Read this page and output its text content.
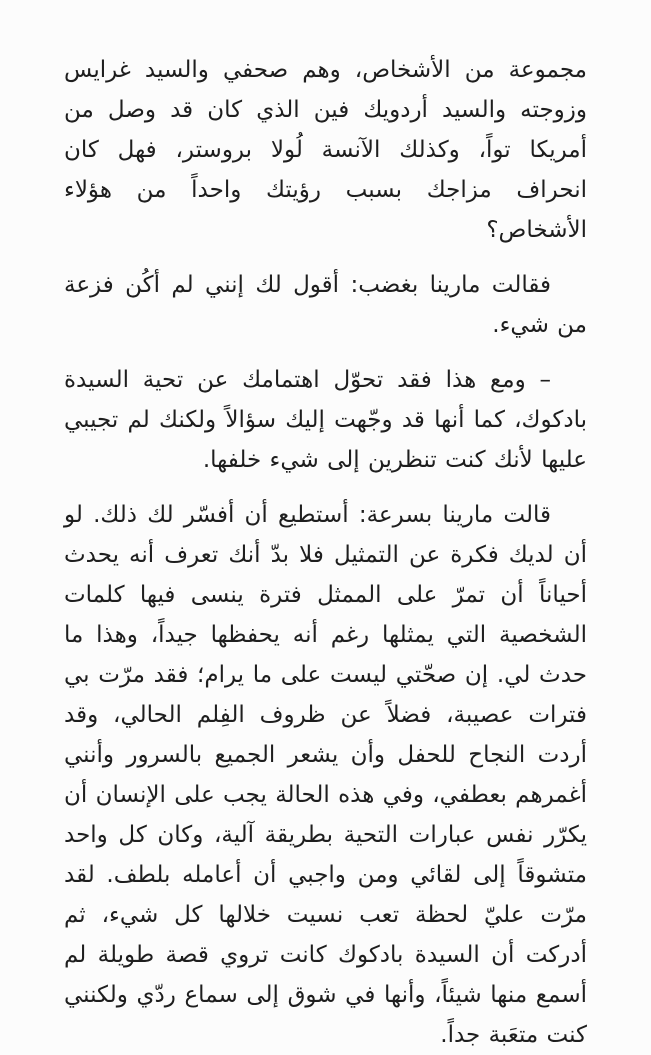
مجموعة من الأشخاص، وهم صحفي والسيد غرايس وزوجته والسيد أردويك فين الذي كان قد وصل من أمريكا تواً، وكذلك الآنسة لُولا بروستر، فهل كان انحراف مزاجك بسبب رؤيتك واحداً من هؤلاء الأشخاص؟

فقالت مارينا بغضب: أقول لك إنني لم أكُن فزعة من شيء.

– ومع هذا فقد تحوّل اهتمامك عن تحية السيدة بادكوك، كما أنها قد وجّهت إليك سؤالاً ولكنك لم تجيبي عليها لأنك كنت تنظرين إلى شيء خلفها.

قالت مارينا بسرعة: أستطيع أن أفسّر لك ذلك. لو أن لديك فكرة عن التمثيل فلا بدّ أنك تعرف أنه يحدث أحياناً أن تمرّ على الممثل فترة ينسى فيها كلمات الشخصية التي يمثلها رغم أنه يحفظها جيداً، وهذا ما حدث لي. إن صحّتي ليست على ما يرام؛ فقد مرّت بي فترات عصيبة، فضلاً عن ظروف الفِلم الحالي، وقد أردت النجاح للحفل وأن يشعر الجميع بالسرور وأنني أغمرهم بعطفي، وفي هذه الحالة يجب على الإنسان أن يكرّر نفس عبارات التحية بطريقة آلية، وكان كل واحد متشوقاً إلى لقائي ومن واجبي أن أعامله بلطف. لقد مرّت عليّ لحظة تعب نسيت خلالها كل شيء، ثم أدركت أن السيدة بادكوك كانت تروي قصة طويلة لم أسمع منها شيئاً، وأنها في شوق إلى سماع ردّي ولكنني كنت متعَبة جداً.
